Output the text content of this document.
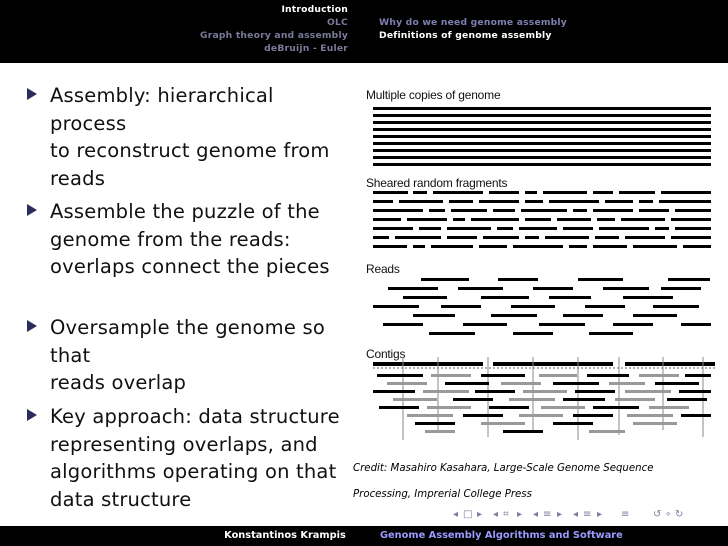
Introduction
OLC
Graph theory and assembly
deBruijn - Euler
Why do we need genome assembly
Definitions of genome assembly
Assembly: hierarchical process
to reconstruct genome from
reads
Assemble the puzzle of the
genome from the reads:
overlaps connect the pieces
Oversample the genome so that
reads overlap
Key approach: data structure
representing overlaps, and
algorithms operating on that
data structure
Multiple copies of genome
Sheared random fragments
Reads
Contigs
Credit: Masahiro Kasahara, Large-Scale Genome Sequence
Processing, Imprerial College Press
◂ □ ▸ ◂ ⌗ ▸ ◂ ≡ ▸ ◂ ≡ ▸ ≡ ↺ ∘ ↻
Konstantinos Krampis	Genome Assembly Algorithms and Software
